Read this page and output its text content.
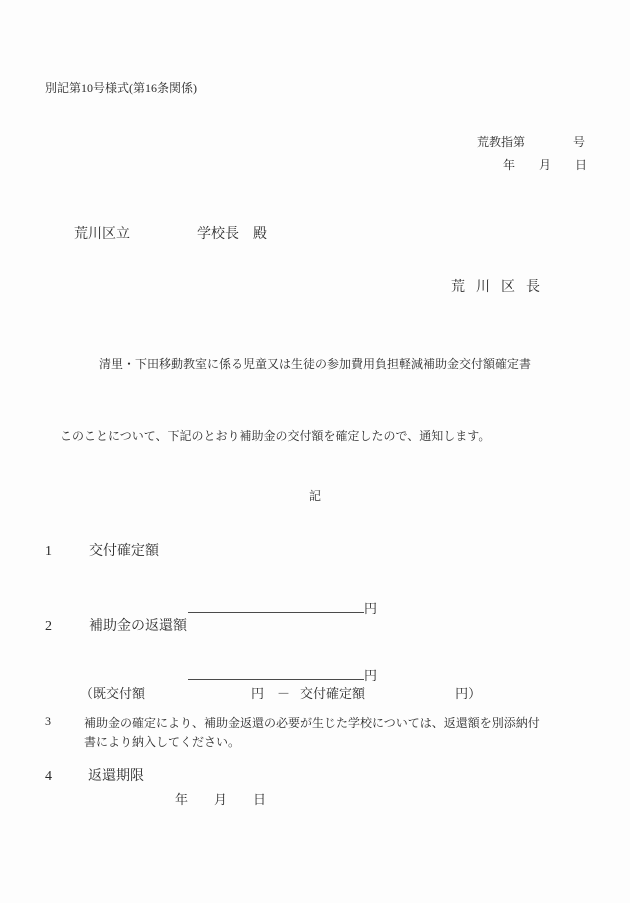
別記第10号様式(第16条関係)
荒教指第　　　　号
年　　月　　日

荒川区立	学校長　殿

荒川区長
清里・下田移動教室に係る児童又は生徒の参加費用負担軽減補助金交付額確定書
このことについて、下記のとおり補助金の交付額を確定したので、通知します。
記
1	交付確定額

円

2	補助金の返還額

円

（既交付額	円 － 交付確定額	円）

3	補助金の確定により、補助金返還の必要が生じた学校については、返還額を別添納付書により納入してください。
4	返還期限
年　　月　　日
